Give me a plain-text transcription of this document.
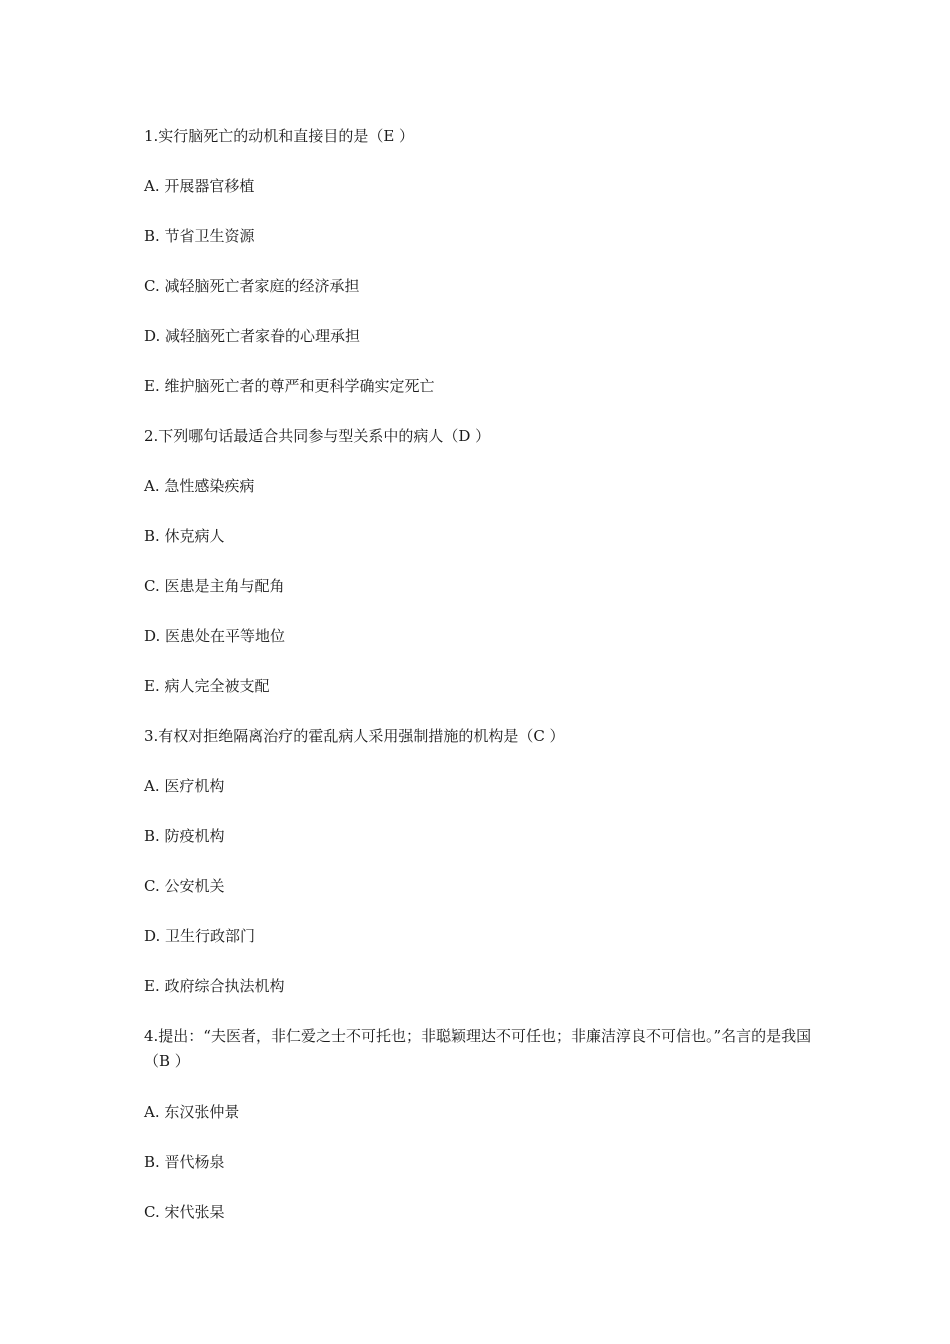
1.实行脑死亡的动机和直接目的是（E ）
A. 开展器官移植
B. 节省卫生资源
C. 减轻脑死亡者家庭的经济承担
D. 减轻脑死亡者家眷的心理承担
E. 维护脑死亡者的尊严和更科学确实定死亡
2.下列哪句话最适合共同参与型关系中的病人（D ）
A. 急性感染疾病
B. 休克病人
C. 医患是主角与配角
D. 医患处在平等地位
E. 病人完全被支配
3.有权对拒绝隔离治疗的霍乱病人采用强制措施的机构是（C ）
A. 医疗机构
B. 防疫机构
C. 公安机关
D. 卫生行政部门
E. 政府综合执法机构
4.提出：“夫医者，非仁爱之士不可托也；非聪颖理达不可任也；非廉洁淳良不可信也。”名言的是我国（B ）
A. 东汉张仲景
B. 晋代杨泉
C. 宋代张杲
